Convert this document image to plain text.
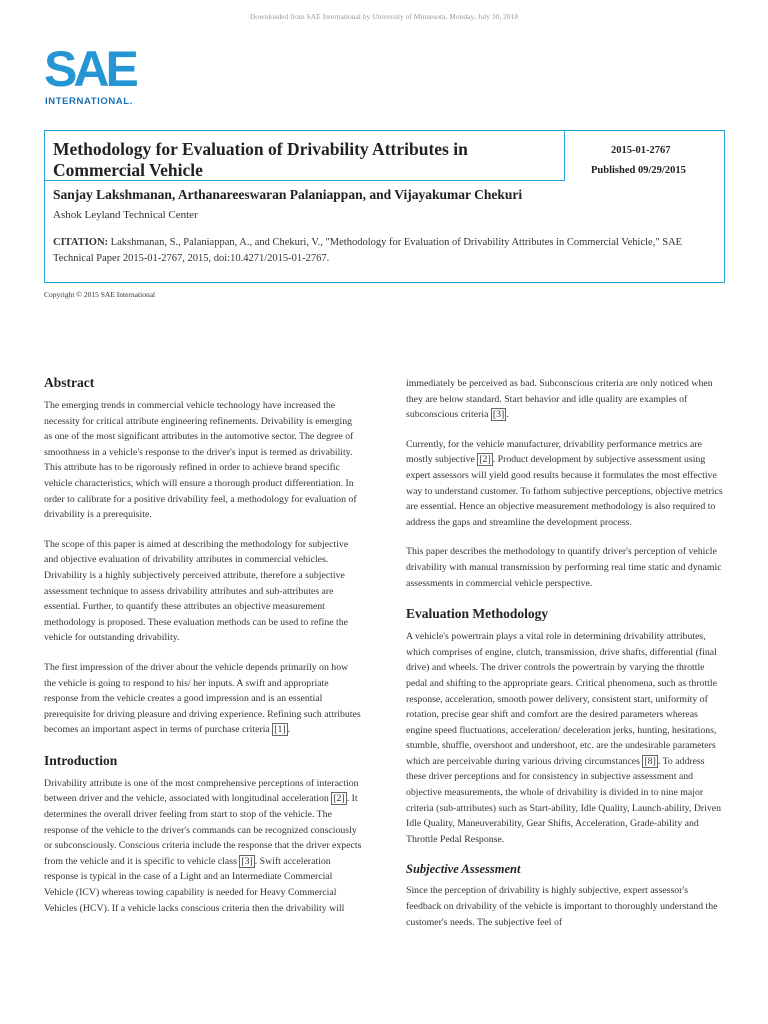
Downloaded from SAE International by University of Minnesota, Monday, July 30, 2018
SAE
INTERNATIONAL.
Methodology for Evaluation of Drivability Attributes in Commercial Vehicle
2015-01-2767
Published 09/29/2015
Sanjay Lakshmanan, Arthanareeswaran Palaniappan, and Vijayakumar Chekuri
Ashok Leyland Technical Center
CITATION: Lakshmanan, S., Palaniappan, A., and Chekuri, V., "Methodology for Evaluation of Drivability Attributes in Commercial Vehicle," SAE Technical Paper 2015-01-2767, 2015, doi:10.4271/2015-01-2767.
Copyright © 2015 SAE International
Abstract

The emerging trends in commercial vehicle technology have increased the necessity for critical attribute engineering refinements. Drivability is emerging as one of the most significant attributes in the automotive sector. The degree of smoothness in a vehicle's response to the driver's input is termed as drivability. This attribute has to be rigorously refined in order to achieve brand specific vehicle characteristics, which will ensure a thorough product differentiation. In order to calibrate for a positive drivability feel, a methodology for evaluation of drivability is a prerequisite.

The scope of this paper is aimed at describing the methodology for subjective and objective evaluation of drivability attributes in commercial vehicles. Drivability is a highly subjectively perceived attribute, therefore a subjective assessment technique to assess drivability attributes and sub-attributes are essential. Further, to quantify these attributes an objective measurement methodology is proposed. These evaluation methods can be used to refine the vehicle for outstanding drivability.

The first impression of the driver about the vehicle depends primarily on how the vehicle is going to respond to his/ her inputs. A swift and appropriate response from the vehicle creates a good impression and is an essential prerequisite for driving pleasure and driving experience. Refining such attributes becomes an important aspect in terms of purchase criteria [1] .

Introduction

Drivability attribute is one of the most comprehensive perceptions of interaction between driver and the vehicle, associated with longitudinal acceleration [2] . It determines the overall driver feeling from start to stop of the vehicle. The response of the vehicle to the driver's commands can be recognized consciously or subconsciously. Conscious criteria include the response that the driver expects from the vehicle and it is specific to vehicle class [3] . Swift acceleration response is typical in the case of a Light and an Intermediate Commercial Vehicle (ICV) whereas towing capability is needed for Heavy Commercial Vehicles (HCV). If a vehicle lacks conscious criteria then the drivability will

immediately be perceived as bad. Subconscious criteria are only noticed when they are below standard. Start behavior and idle quality are examples of subconscious criteria [3] .

Currently, for the vehicle manufacturer, drivability performance metrics are mostly subjective [2] . Product development by subjective assessment using expert assessors will yield good results because it formulates the most effective way to understand customer. To fathom subjective perceptions, objective metrics are essential. Hence an objective measurement methodology is also required to address the gaps and streamline the development process.

This paper describes the methodology to quantify driver's perception of vehicle drivability with manual transmission by performing real time static and dynamic assessments in commercial vehicle perspective.

Evaluation Methodology

A vehicle's powertrain plays a vital role in determining drivability attributes, which comprises of engine, clutch, transmission, drive shafts, differential (final drive) and wheels. The driver controls the powertrain by varying the throttle pedal and shifting to the appropriate gears. Critical phenomena, such as throttle response, acceleration, smooth power delivery, consistent start, uniformity of rotation, precise gear shift and comfort are the desired parameters whereas engine speed fluctuations, acceleration/ deceleration jerks, hunting, hesitations, stumble, shuffle, overshoot and undershoot, etc. are the undesirable parameters which are perceivable during various driving circumstances [8] . To address these driver perceptions and for consistency in subjective assessment and objective measurements, the whole of drivability is divided in to nine major criteria (sub-attributes) such as Start-ability, Idle Quality, Launch-ability, Driven Idle Quality, Maneuverability, Gear Shifts, Acceleration, Grade-ability and Throttle Pedal Response.

Subjective Assessment

Since the perception of drivability is highly subjective, expert assessor's feedback on drivability of the vehicle is important to thoroughly understand the customer's needs. The subjective feel of
